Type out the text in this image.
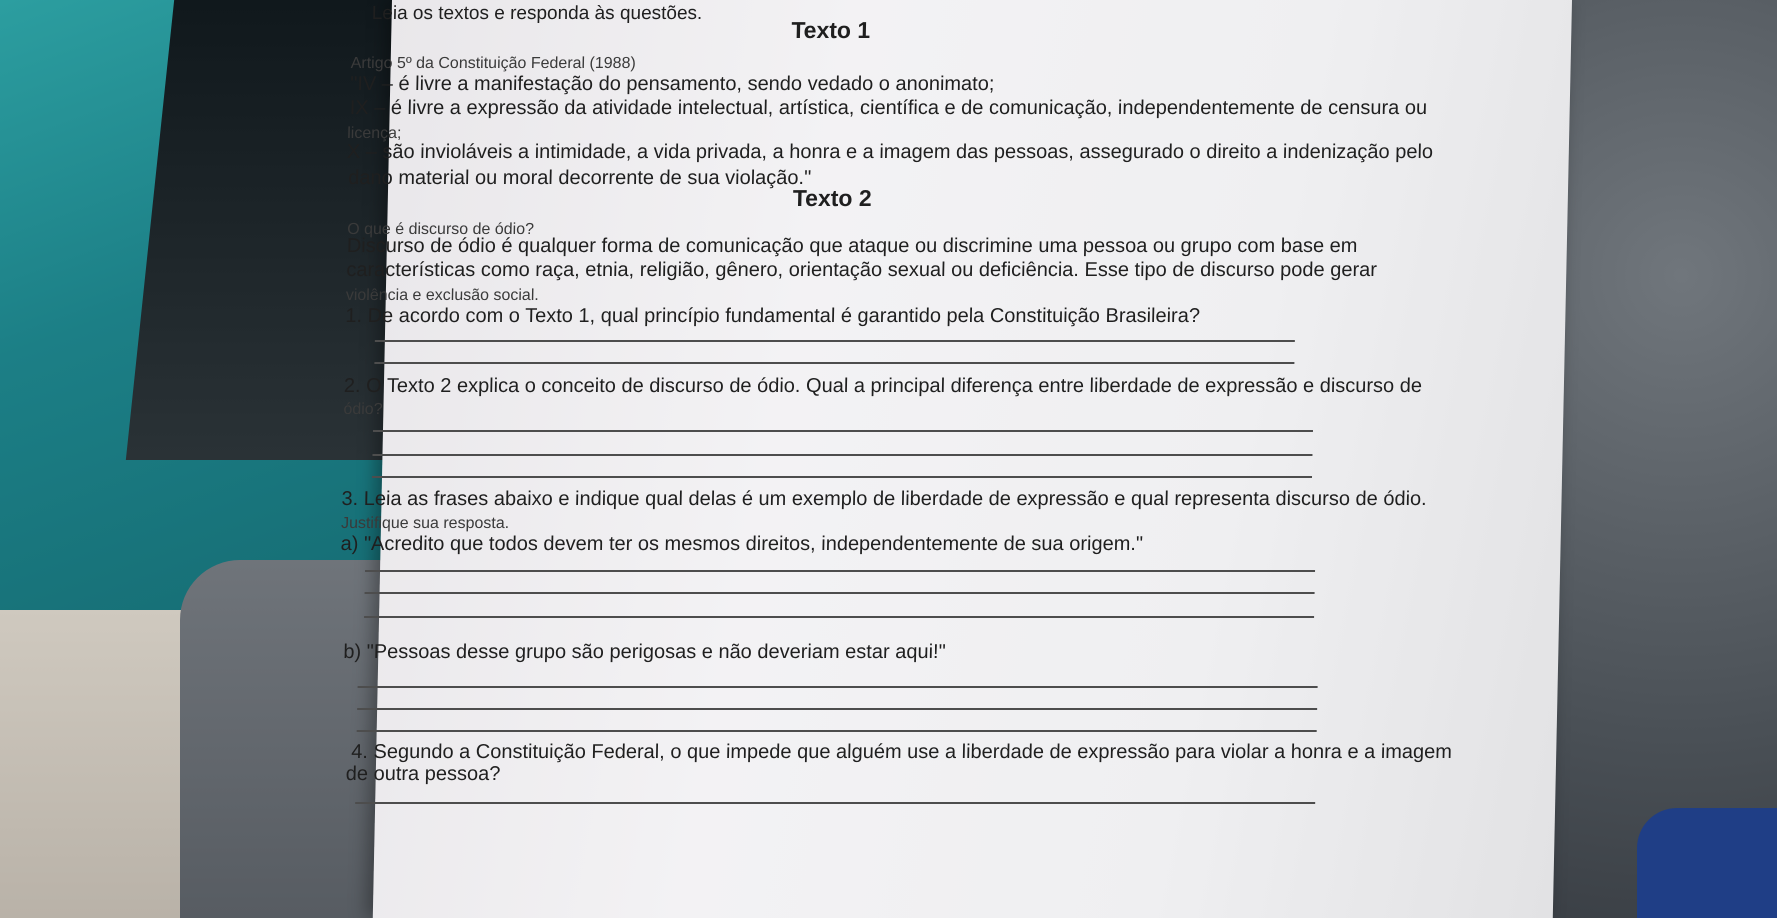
Leia os textos e responda às questões.
Texto 1
Artigo 5º da Constituição Federal (1988)
"IV – é livre a manifestação do pensamento, sendo vedado o anonimato;
IX – é livre a expressão da atividade intelectual, artística, científica e de comunicação, independentemente de censura ou
licença;
X – são invioláveis a intimidade, a vida privada, a honra e a imagem das pessoas, assegurado o direito a indenização pelo
dano material ou moral decorrente de sua violação."
Texto 2
O que é discurso de ódio?
Discurso de ódio é qualquer forma de comunicação que ataque ou discrimine uma pessoa ou grupo com base em
características como raça, etnia, religião, gênero, orientação sexual ou deficiência. Esse tipo de discurso pode gerar
violência e exclusão social.
1. De acordo com o Texto 1, qual princípio fundamental é garantido pela Constituição Brasileira?
2. O Texto 2 explica o conceito de discurso de ódio. Qual a principal diferença entre liberdade de expressão e discurso de
ódio?
3. Leia as frases abaixo e indique qual delas é um exemplo de liberdade de expressão e qual representa discurso de ódio.
Justifique sua resposta.
a) "Acredito que todos devem ter os mesmos direitos, independentemente de sua origem."
b) "Pessoas desse grupo são perigosas e não deveriam estar aqui!"
4. Segundo a Constituição Federal, o que impede que alguém use a liberdade de expressão para violar a honra e a imagem
de outra pessoa?
